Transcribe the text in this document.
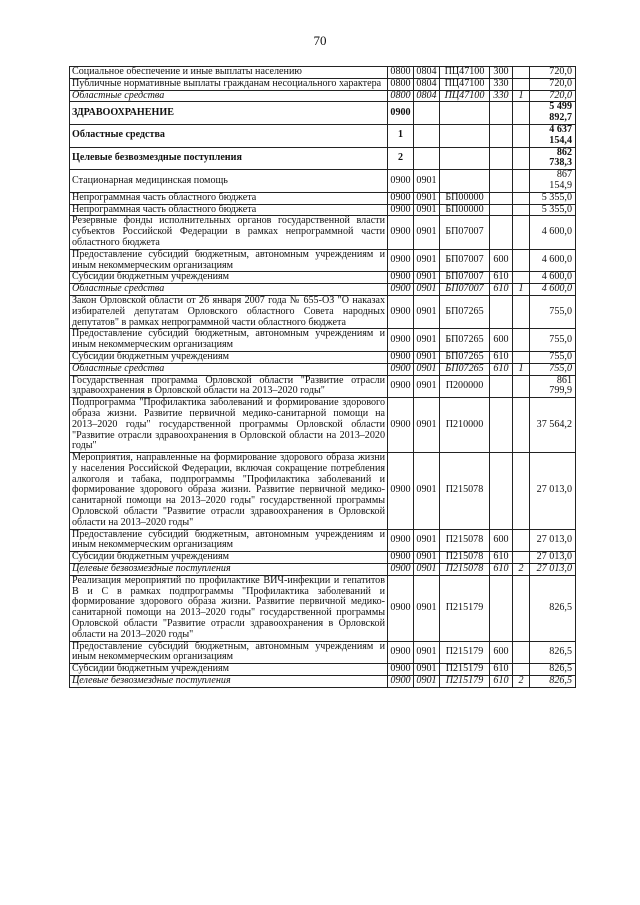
70
Социальное обеспечение и иные выплаты населению	0800	0804	ПЦ47100	300		720,0
Публичные нормативные выплаты гражданам несоциального характера	0800	0804	ПЦ47100	330		720,0
Областные средства	0800	0804	ПЦ47100	330	1	720,0
ЗДРАВООХРАНЕНИЕ	0900					5 499 892,7
Областные средства	1					4 637 154,4
Целевые безвозмездные поступления	2					862 738,3
Стационарная медицинская помощь	0900	0901				867 154,9
Непрограммная часть областного бюджета	0900	0901	БП00000			5 355,0
Непрограммная часть областного бюджета	0900	0901	БП00000			5 355,0
Резервные фонды исполнительных органов государственной власти субъектов Российской Федерации в рамках непрограммной части областного бюджета	0900	0901	БП07007			4 600,0
Предоставление субсидий бюджетным, автономным учреждениям и иным некоммерческим организациям	0900	0901	БП07007	600		4 600,0
Субсидии бюджетным учреждениям	0900	0901	БП07007	610		4 600,0
Областные средства	0900	0901	БП07007	610	1	4 600,0
Закон Орловской области от 26 января 2007 года № 655-ОЗ "О наказах избирателей депутатам Орловского областного Совета народных депутатов" в рамках непрограммной части областного бюджета	0900	0901	БП07265			755,0
Предоставление субсидий бюджетным, автономным учреждениям и иным некоммерческим организациям	0900	0901	БП07265	600		755,0
Субсидии бюджетным учреждениям	0900	0901	БП07265	610		755,0
Областные средства	0900	0901	БП07265	610	1	755,0
Государственная программа Орловской области "Развитие отрасли здравоохранения в Орловской области на 2013–2020 годы"	0900	0901	П200000			861 799,9
Подпрограмма "Профилактика заболеваний и формирование здорового образа жизни. Развитие первичной медико-санитарной помощи на 2013–2020 годы" государственной программы Орловской области "Развитие отрасли здравоохранения в Орловской области на 2013–2020 годы"	0900	0901	П210000			37 564,2
Мероприятия, направленные на формирование здорового образа жизни у населения Российской Федерации, включая сокращение потребления алкоголя и табака, подпрограммы "Профилактика заболеваний и формирование здорового образа жизни. Развитие первичной медико-санитарной помощи на 2013–2020 годы" государственной программы Орловской области "Развитие отрасли здравоохранения в Орловской области на 2013–2020 годы"	0900	0901	П215078			27 013,0
Предоставление субсидий бюджетным, автономным учреждениям и иным некоммерческим организациям	0900	0901	П215078	600		27 013,0
Субсидии бюджетным учреждениям	0900	0901	П215078	610		27 013,0
Целевые безвозмездные поступления	0900	0901	П215078	610	2	27 013,0
Реализация мероприятий по профилактике ВИЧ-инфекции и гепатитов В и С в рамках подпрограммы "Профилактика заболеваний и формирование здорового образа жизни. Развитие первичной медико-санитарной помощи на 2013–2020 годы" государственной программы Орловской области "Развитие отрасли здравоохранения в Орловской области на 2013–2020 годы"	0900	0901	П215179			826,5
Предоставление субсидий бюджетным, автономным учреждениям и иным некоммерческим организациям	0900	0901	П215179	600		826,5
Субсидии бюджетным учреждениям	0900	0901	П215179	610		826,5
Целевые безвозмездные поступления	0900	0901	П215179	610	2	826,5
